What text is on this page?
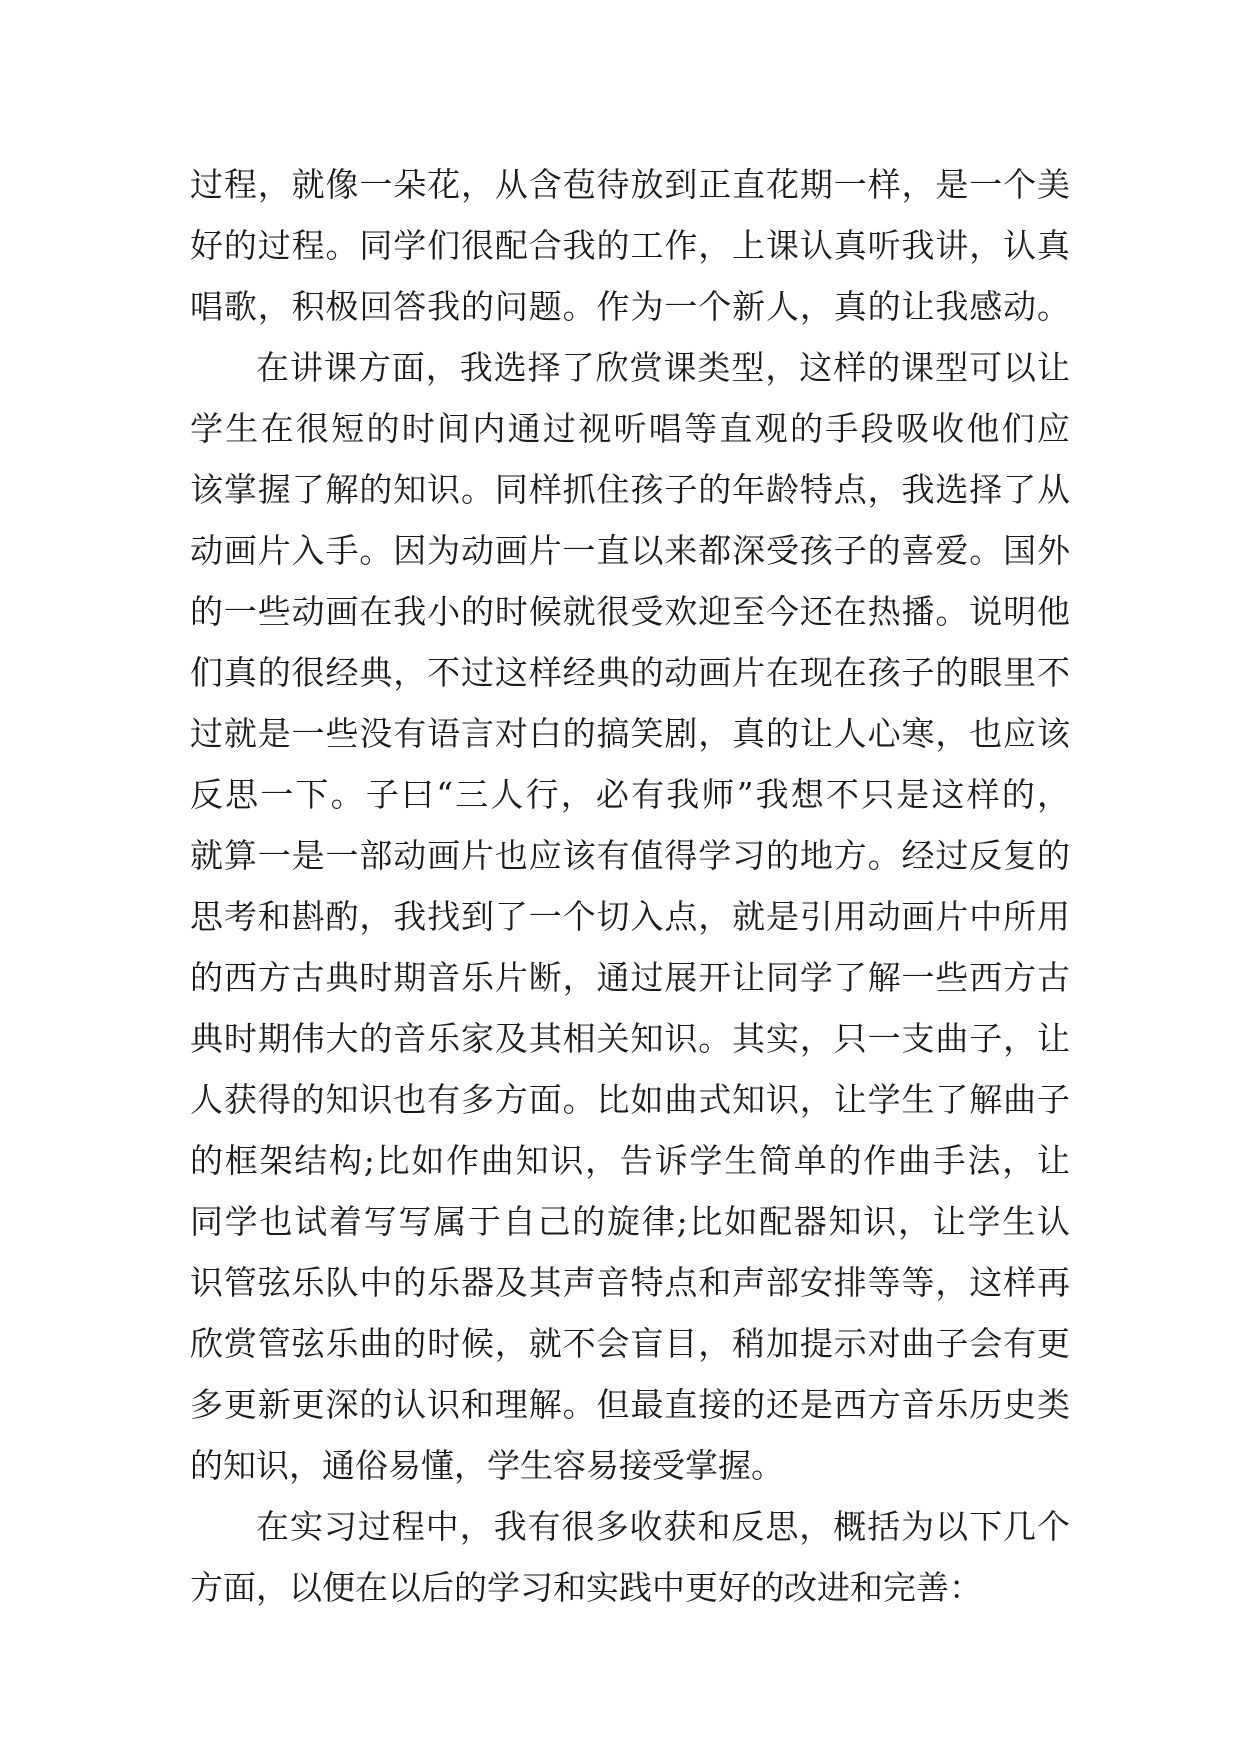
过程，就像一朵花，从含苞待放到正直花期一样，是一个美
好的过程。同学们很配合我的工作，上课认真听我讲，认真
唱歌，积极回答我的问题。作为一个新人，真的让我感动。
在讲课方面，我选择了欣赏课类型，这样的课型可以让
学生在很短的时间内通过视听唱等直观的手段吸收他们应
该掌握了解的知识。同样抓住孩子的年龄特点，我选择了从
动画片入手。因为动画片一直以来都深受孩子的喜爱。国外
的一些动画在我小的时候就很受欢迎至今还在热播。说明他
们真的很经典，不过这样经典的动画片在现在孩子的眼里不
过就是一些没有语言对白的搞笑剧，真的让人心寒，也应该
反思一下。子曰“三人行，必有我师”我想不只是这样的，
就算一是一部动画片也应该有值得学习的地方。经过反复的
思考和斟酌，我找到了一个切入点，就是引用动画片中所用
的西方古典时期音乐片断，通过展开让同学了解一些西方古
典时期伟大的音乐家及其相关知识。其实，只一支曲子，让
人获得的知识也有多方面。比如曲式知识，让学生了解曲子
的框架结构;比如作曲知识，告诉学生简单的作曲手法，让
同学也试着写写属于自己的旋律;比如配器知识，让学生认
识管弦乐队中的乐器及其声音特点和声部安排等等，这样再
欣赏管弦乐曲的时候，就不会盲目，稍加提示对曲子会有更
多更新更深的认识和理解。但最直接的还是西方音乐历史类
的知识，通俗易懂，学生容易接受掌握。
在实习过程中，我有很多收获和反思，概括为以下几个
方面，以便在以后的学习和实践中更好的改进和完善：
